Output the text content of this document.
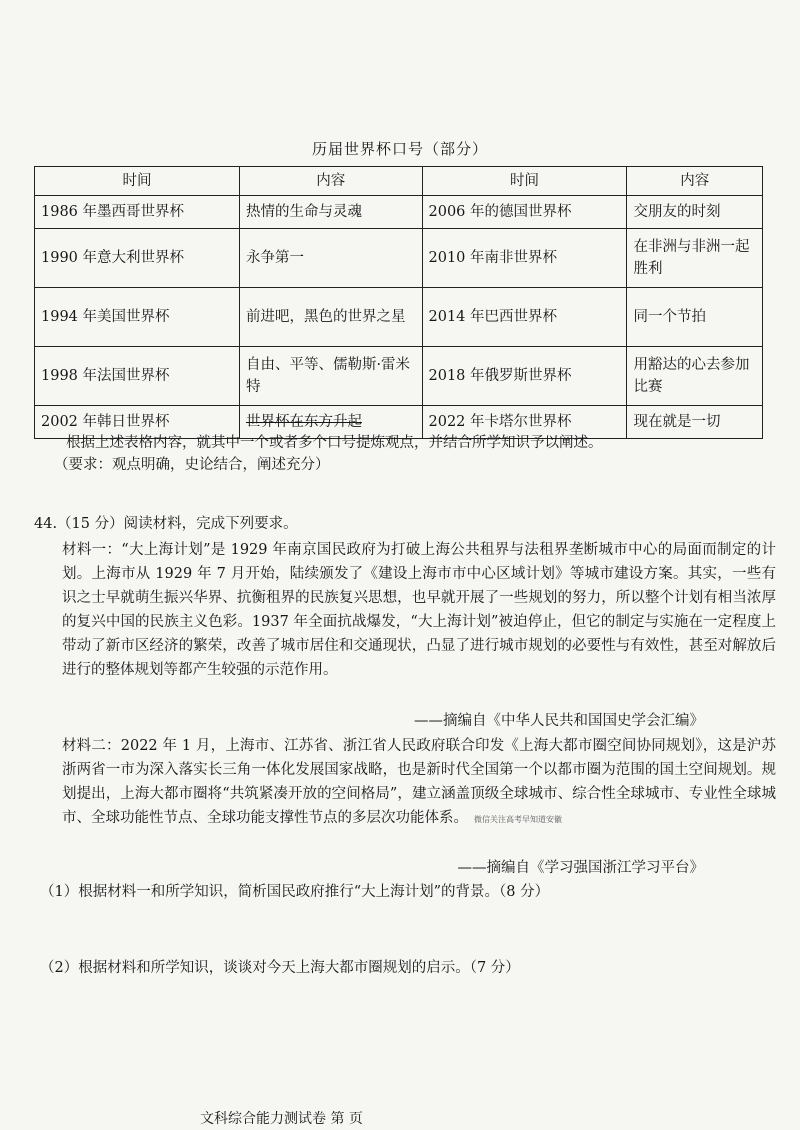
历届世界杯口号（部分）
时间	内容	时间	内容
1986 年墨西哥世界杯	热情的生命与灵魂	2006 年的德国世界杯	交朋友的时刻
1990 年意大利世界杯	永争第一	2010 年南非世界杯	在非洲与非洲一起胜利
1994 年美国世界杯	前进吧，黑色的世界之星	2014 年巴西世界杯	同一个节拍
1998 年法国世界杯	自由、平等、儒勒斯·雷米特	2018 年俄罗斯世界杯	用豁达的心去参加比赛
2002 年韩日世界杯	世界杯在东方升起	2022 年卡塔尔世界杯	现在就是一切
根据上述表格内容，就其中一个或者多个口号提炼观点，并结合所学知识予以阐述。
（要求：观点明确，史论结合，阐述充分）
44.（15 分）阅读材料，完成下列要求。
材料一：“大上海计划”是 1929 年南京国民政府为打破上海公共租界与法租界垄断城市中心的局面而制定的计划。上海市从 1929 年 7 月开始，陆续颁发了《建设上海市市中心区域计划》等城市建设方案。其实，一些有识之士早就萌生振兴华界、抗衡租界的民族复兴思想，也早就开展了一些规划的努力，所以整个计划有相当浓厚的复兴中国的民族主义色彩。1937 年全面抗战爆发，“大上海计划”被迫停止，但它的制定与实施在一定程度上带动了新市区经济的繁荣，改善了城市居住和交通现状，凸显了进行城市规划的必要性与有效性，甚至对解放后进行的整体规划等都产生较强的示范作用。
——摘编自《中华人民共和国国史学会汇编》
材料二：2022 年 1 月，上海市、江苏省、浙江省人民政府联合印发《上海大都市圈空间协同规划》，这是沪苏浙两省一市为深入落实长三角一体化发展国家战略，也是新时代全国第一个以都市圈为范围的国土空间规划。规划提出，上海大都市圈将“共筑紧凑开放的空间格局”，建立涵盖顶级全球城市、综合性全球城市、专业性全球城市、全球功能性节点、全球功能支撑性节点的多层次功能体系。 微信关注高考早知道安徽
——摘编自《学习强国浙江学习平台》
（1）根据材料一和所学知识，简析国民政府推行“大上海计划”的背景。（8 分）
（2）根据材料和所学知识，谈谈对今天上海大都市圈规划的启示。（7 分）
文科综合能力测试卷 第 页
